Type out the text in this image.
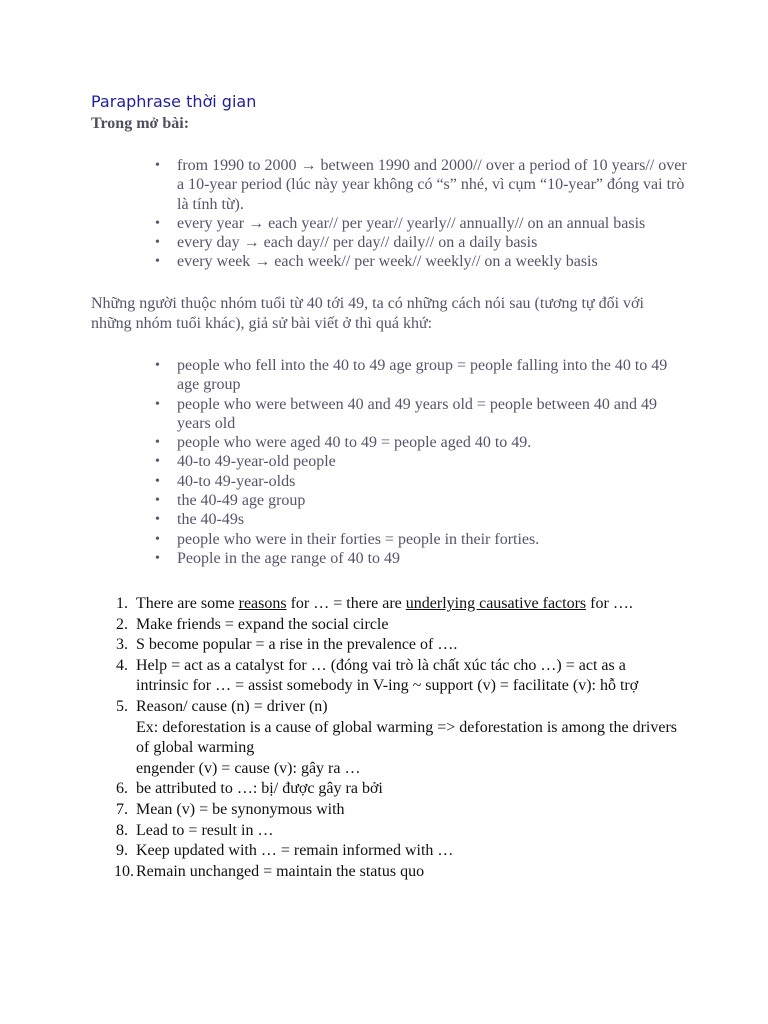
Paraphrase thời gian
Trong mở bài:
• from 1990 to 2000 → between 1990 and 2000// over a period of 10 years// over a 10-year period (lúc này year không có “s” nhé, vì cụm “10-year” đóng vai trò là tính từ).
• every year → each year// per year// yearly// annually// on an annual basis
• every day → each day// per day// daily// on a daily basis
• every week → each week// per week// weekly// on a weekly basis

Những người thuộc nhóm tuổi từ 40 tới 49, ta có những cách nói sau (tương tự đối với những nhóm tuổi khác), giả sử bài viết ở thì quá khứ:

• people who fell into the 40 to 49 age group = people falling into the 40 to 49 age group
• people who were between 40 and 49 years old = people between 40 and 49 years old
• people who were aged 40 to 49 = people aged 40 to 49.
• 40-to 49-year-old people
• 40-to 49-year-olds
• the 40-49 age group
• the 40-49s
• people who were in their forties = people in their forties.
• People in the age range of 40 to 49
1. There are some reasons for … = there are underlying causative factors for ….
2. Make friends = expand the social circle
3. S become popular = a rise in the prevalence of ….
4. Help = act as a catalyst for … (đóng vai trò là chất xúc tác cho …) = act as a intrinsic for … = assist somebody in V-ing ~ support (v) = facilitate (v): hỗ trợ
5. Reason/ cause (n) = driver (n)
Ex: deforestation is a cause of global warming => deforestation is among the drivers of global warming
engender (v) = cause (v): gây ra …
6. be attributed to …: bị/ được gây ra bởi
7. Mean (v) = be synonymous with
8. Lead to = result in …
9. Keep updated with … = remain informed with …
10. Remain unchanged = maintain the status quo
